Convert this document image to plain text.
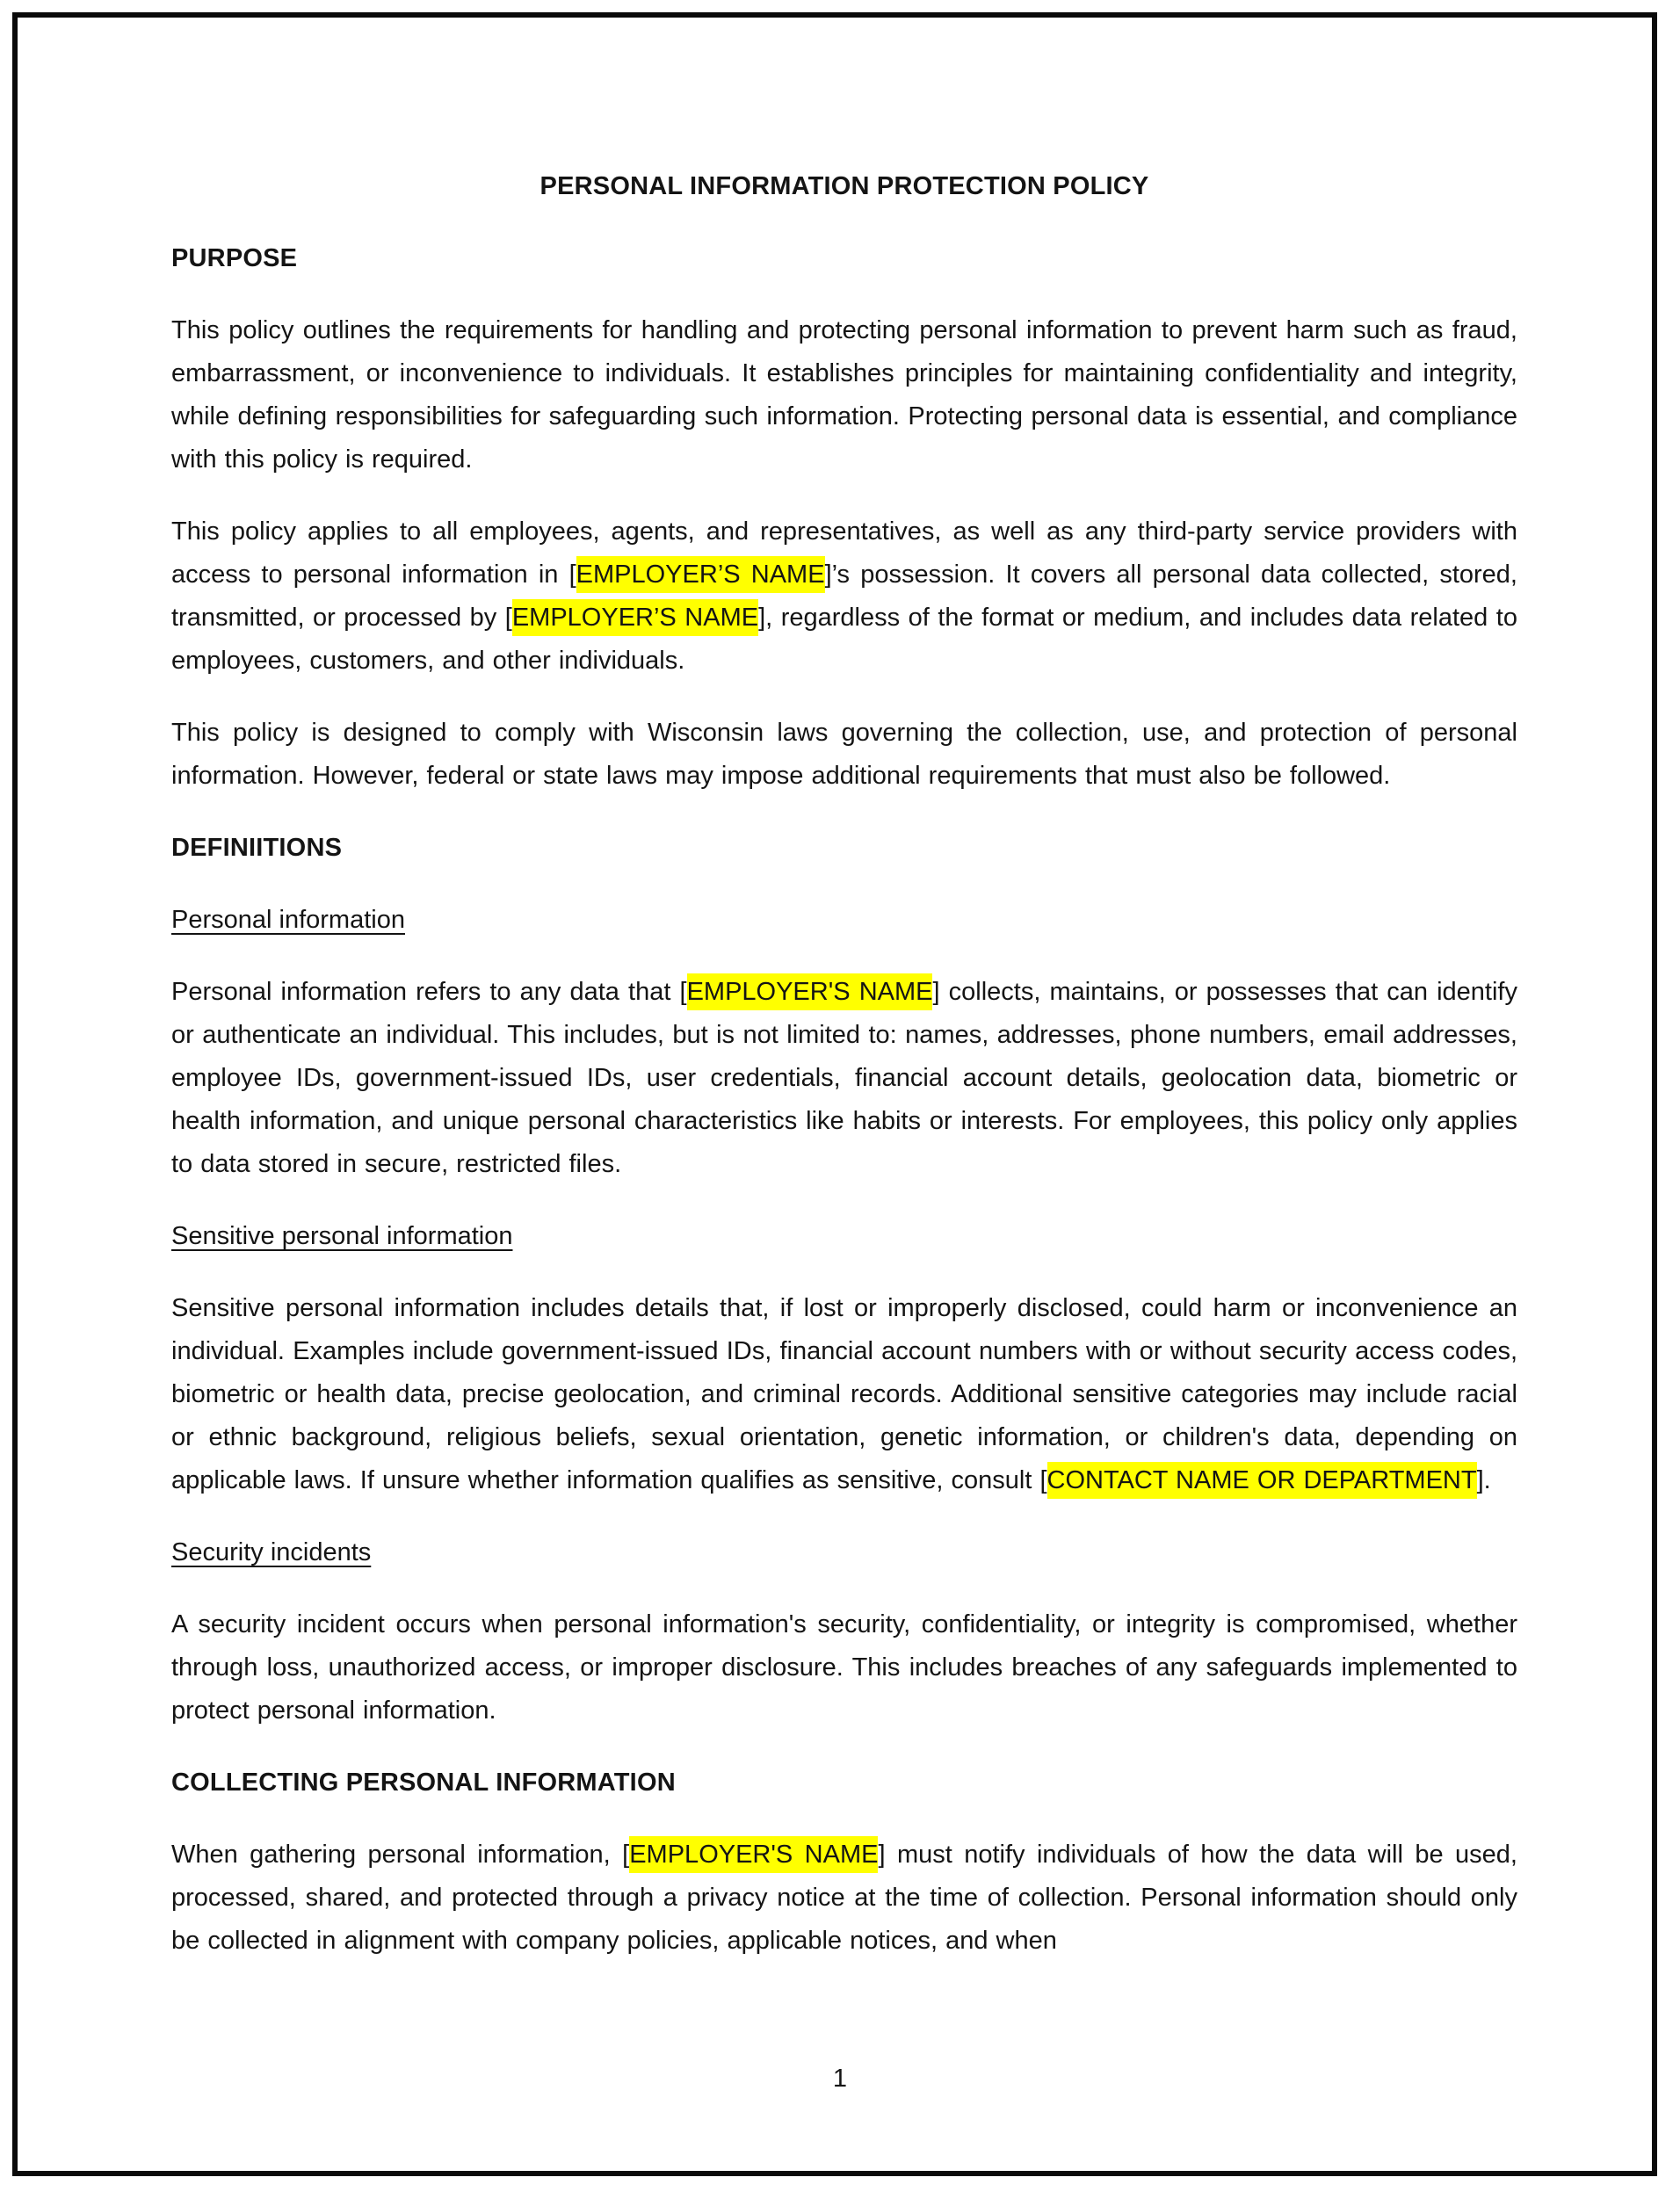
PERSONAL INFORMATION PROTECTION POLICY
PURPOSE

This policy outlines the requirements for handling and protecting personal information to prevent harm such as fraud, embarrassment, or inconvenience to individuals. It establishes principles for maintaining confidentiality and integrity, while defining responsibilities for safeguarding such information. Protecting personal data is essential, and compliance with this policy is required.

This policy applies to all employees, agents, and representatives, as well as any third-party service providers with access to personal information in [EMPLOYER’S NAME]’s possession. It covers all personal data collected, stored, transmitted, or processed by [EMPLOYER’S NAME], regardless of the format or medium, and includes data related to employees, customers, and other individuals.

This policy is designed to comply with Wisconsin laws governing the collection, use, and protection of personal information. However, federal or state laws may impose additional requirements that must also be followed.

DEFINIITIONS
Personal information

Personal information refers to any data that [EMPLOYER'S NAME] collects, maintains, or possesses that can identify or authenticate an individual. This includes, but is not limited to: names, addresses, phone numbers, email addresses, employee IDs, government-issued IDs, user credentials, financial account details, geolocation data, biometric or health information, and unique personal characteristics like habits or interests. For employees, this policy only applies to data stored in secure, restricted files.

Sensitive personal information

Sensitive personal information includes details that, if lost or improperly disclosed, could harm or inconvenience an individual. Examples include government-issued IDs, financial account numbers with or without security access codes, biometric or health data, precise geolocation, and criminal records. Additional sensitive categories may include racial or ethnic background, religious beliefs, sexual orientation, genetic information, or children's data, depending on applicable laws. If unsure whether information qualifies as sensitive, consult [CONTACT NAME OR DEPARTMENT].

Security incidents

A security incident occurs when personal information's security, confidentiality, or integrity is compromised, whether through loss, unauthorized access, or improper disclosure. This includes breaches of any safeguards implemented to protect personal information.

COLLECTING PERSONAL INFORMATION

When gathering personal information, [EMPLOYER'S NAME] must notify individuals of how the data will be used, processed, shared, and protected through a privacy notice at the time of collection. Personal information should only be collected in alignment with company policies, applicable notices, and when

1
